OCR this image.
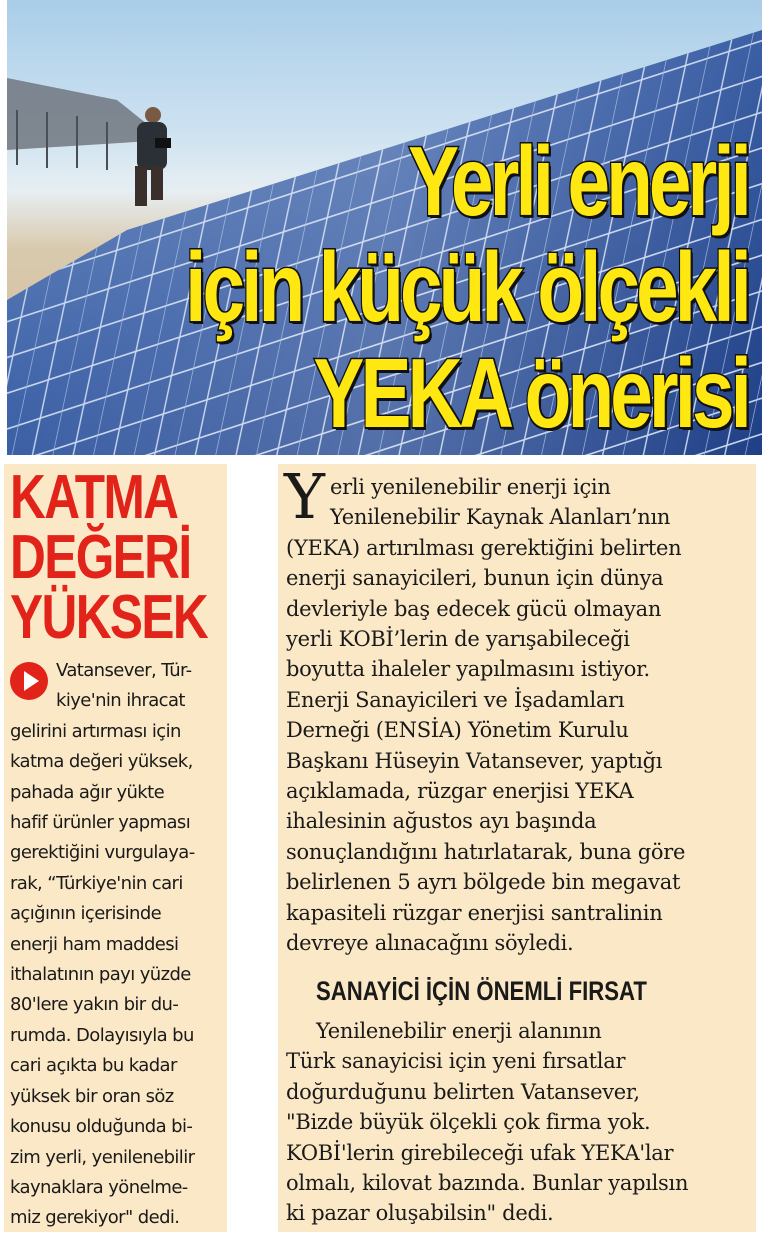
Yerli enerji
için küçük ölçekli
YEKA önerisi
KATMA
DEĞERİ
YÜKSEK

Vatansever, Tür-
kiye'nin ihracat
gelirini artırması için
katma değeri yüksek,
pahada ağır yükte
hafif ürünler yapması
gerektiğini vurgulaya-
rak, “Türkiye'nin cari
açığının içerisinde
enerji ham maddesi
ithalatının payı yüzde
80'lere yakın bir du-
rumda. Dolayısıyla bu
cari açıkta bu kadar
yüksek bir oran söz
konusu olduğunda bi-
zim yerli, yenilenebilir
kaynaklara yönelme-
miz gerekiyor" dedi.

Y erli yenilenebilir enerji için
Yenilenebilir Kaynak Alanları’nın
(YEKA) artırılması gerektiğini belirten
enerji sanayicileri, bunun için dünya
devleriyle baş edecek gücü olmayan
yerli KOBİ’lerin de yarışabileceği
boyutta ihaleler yapılmasını istiyor.
Enerji Sanayicileri ve İşadamları
Derneği (ENSİA) Yönetim Kurulu
Başkanı Hüseyin Vatansever, yaptığı
açıklamada, rüzgar enerjisi YEKA
ihalesinin ağustos ayı başında
sonuçlandığını hatırlatarak, buna göre
belirlenen 5 ayrı bölgede bin megavat
kapasiteli rüzgar enerjisi santralinin
devreye alınacağını söyledi.

SANAYİCİ İÇİN ÖNEMLİ FIRSAT

Yenilenebilir enerji alanının
Türk sanayicisi için yeni fırsatlar
doğurduğunu belirten Vatansever,
"Bizde büyük ölçekli çok firma yok.
KOBİ'lerin girebileceği ufak YEKA'lar
olmalı, kilovat bazında. Bunlar yapılsın
ki pazar oluşabilsin" dedi.
